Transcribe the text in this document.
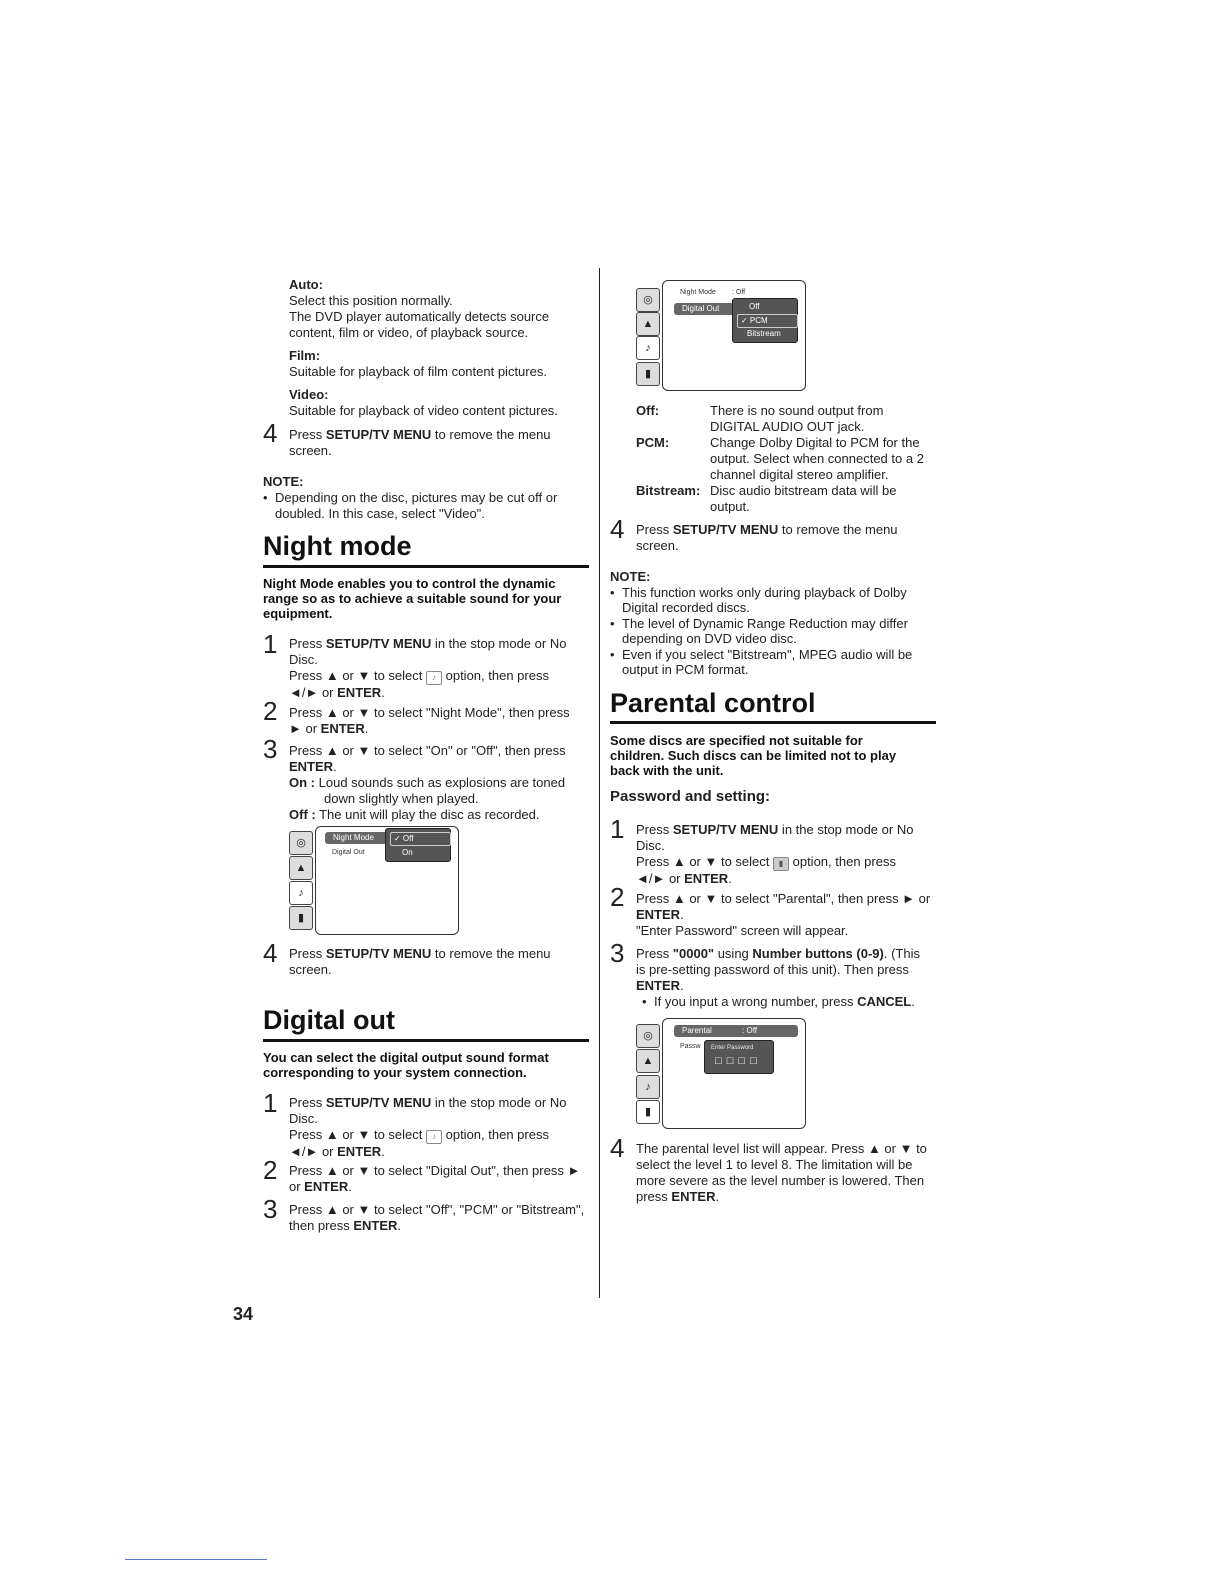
Auto:
Select this position normally.
The DVD player automatically detects source
content, film or video, of playback source.
Film:
Suitable for playback of film content pictures.
Video:
Suitable for playback of video content pictures.
4 Press SETUP/TV MENU to remove the menu
screen.
NOTE:
• Depending on the disc, pictures may be cut off or
doubled. In this case, select "Video".
Night mode
Night Mode enables you to control the dynamic
range so as to achieve a suitable sound for your
equipment.
1 Press SETUP/TV MENU in the stop mode or No
Disc.
Press ▲ or ▼ to select ♪ option, then press
◄/► or ENTER.
2 Press ▲ or ▼ to select "Night Mode", then press
► or ENTER.
3 Press ▲ or ▼ to select "On" or "Off", then press
ENTER.
On : Loud sounds such as explosions are toned
down slightly when played.
Off : The unit will play the disc as recorded.
◎
▲
♪
▮
Night Mode
Digital Out
✓ Off
On
4 Press SETUP/TV MENU to remove the menu
screen.
Digital out
You can select the digital output sound format
corresponding to your system connection.
1 Press SETUP/TV MENU in the stop mode or No
Disc.
Press ▲ or ▼ to select ♪ option, then press
◄/► or ENTER.
2 Press ▲ or ▼ to select "Digital Out", then press ►
or ENTER.
3 Press ▲ or ▼ to select "Off", "PCM" or "Bitstream",
then press ENTER.
34
◎
▲
♪
▮
Night Mode : Off
Digital Out	Off
✓ PCM
Bitstream
Off:	There is no sound output from
DIGITAL AUDIO OUT jack.
PCM:	Change Dolby Digital to PCM for the
output. Select when connected to a 2
channel digital stereo amplifier.
Bitstream: Disc audio bitstream data will be
output.
4 Press SETUP/TV MENU to remove the menu
screen.
NOTE:
• This function works only during playback of Dolby
Digital recorded discs.
• The level of Dynamic Range Reduction may differ
depending on DVD video disc.
• Even if you select "Bitstream", MPEG audio will be
output in PCM format.
Parental control
Some discs are specified not suitable for
children. Such discs can be limited not to play
back with the unit.
Password and setting:
1 Press SETUP/TV MENU in the stop mode or No
Disc.
Press ▲ or ▼ to select ▮ option, then press
◄/► or ENTER.
2 Press ▲ or ▼ to select "Parental", then press ► or
ENTER.
"Enter Password" screen will appear.
3 Press "0000" using Number buttons (0-9). (This
is pre-setting password of this unit). Then press
ENTER.
• If you input a wrong number, press CANCEL.
◎
▲
♪
▮
Parental	: Off
Passw Enter Password
□ □ □ □
4 The parental level list will appear. Press ▲ or ▼ to
select the level 1 to level 8. The limitation will be
more severe as the level number is lowered. Then
press ENTER.
